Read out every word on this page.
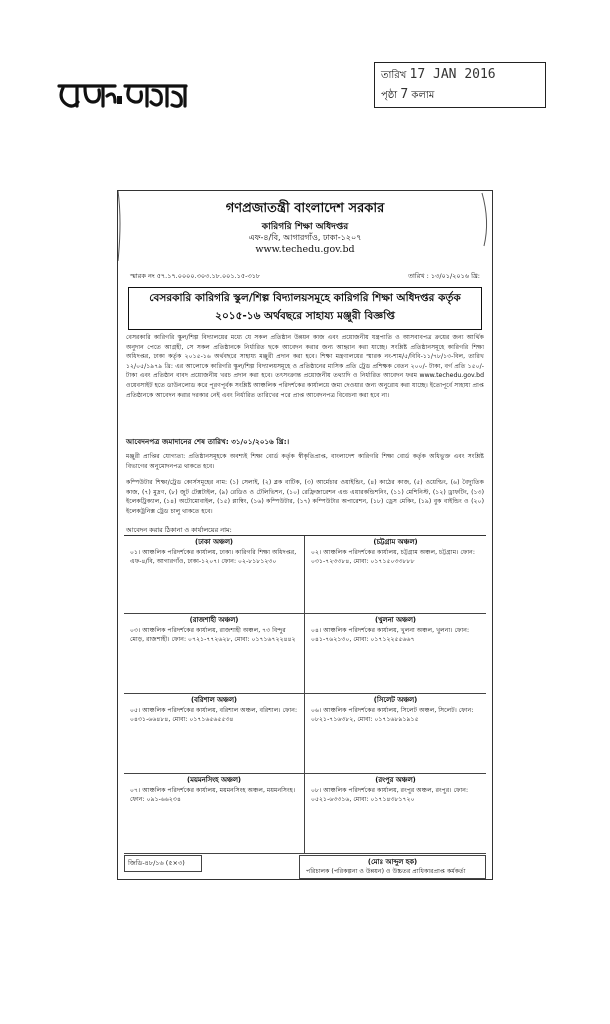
তারিখ 17 JAN 2016
পৃষ্ঠা 7 কলাম
গণপ্রজাতন্ত্রী বাংলাদেশ সরকার
কারিগরি শিক্ষা অধিদপ্তর
এফ-৪/বি, আগারগাঁও, ঢাকা-১২০৭
www.techedu.gov.bd
স্মারক নং ৫৭.১৭.০০০০.৩০৩.১৮.০০১.১৫-৩১৮	তারিখ : ১৩/০১/২০১৬ খ্রি:
বেসরকারি কারিগরি স্কুল/শিল্প বিদ্যালয়সমূহে কারিগরি শিক্ষা অধিদপ্তর কর্তৃক
২০১৫-১৬ অর্থবছরে সাহায্য মঞ্জুরী বিজ্ঞপ্তি
বেসরকারি কারিগরি স্কুল/শিল্প বিদ্যালয়ের মধ্যে যে সকল প্রতিষ্ঠান উন্নয়ন কাজ এবং প্রয়োজনীয় যন্ত্রপাতি ও আসবাবপত্র ক্রয়ের জন্য আর্থিক অনুদান পেতে আগ্রহী, সে সকল প্রতিষ্ঠানকে নির্ধারিত ছকে আবেদন করার জন্য আহ্বান করা যাচ্ছে। সংশ্লিষ্ট প্রতিষ্ঠানসমূহে কারিগরি শিক্ষা অধিদপ্তর, ঢাকা কর্তৃক ২০১৫-১৬ অর্থবছরে সাহায্য মঞ্জুরী প্রদান করা হবে। শিক্ষা মন্ত্রণালয়ের স্মারক নং-শাম/৫/বিবি-১১/৭৮/১৩-বিল, তারিখ ১২/০৫/১৯৭৯ খ্রি: এর আলোকে কারিগরি স্কুল/শিল্প বিদ্যালয়সমূহে ও প্রতিষ্ঠানের মাসিক প্রতি ট্রেড প্রশিক্ষক বেতন ২০০/- টাকা, বর্গ প্রতি ১৫০/- টাকা এবং প্রতিষ্ঠান বাবদ প্রয়োজনীয় খরচ প্রদান করা হবে। তৎসংক্রান্ত প্রয়োজনীয় তথ্যাদি ও নির্ধারিত আবেদন ফরম www.techedu.gov.bd ওয়েবসাইট হতে ডাউনলোড করে পূরণপূর্বক সংশ্লিষ্ট আঞ্চলিক পরিদর্শকের কার্যালয়ে জমা দেওয়ার জন্য অনুরোধ করা যাচ্ছে। ইতোপূর্বে সাহায্য প্রাপ্ত প্রতিষ্ঠানকে আবেদন করার দরকার নেই এবং নির্ধারিত তারিখের পরে প্রাপ্ত আবেদনপত্র বিবেচনা করা হবে না।
আবেদনপত্র জমাদানের শেষ তারিখ: ৩১/০১/২০১৬ খ্রি:।
মঞ্জুরী প্রাপ্তির যোগ্যতা: প্রতিষ্ঠানসমূহকে অবশ্যই শিক্ষা বোর্ড কর্তৃক স্বীকৃতিপ্রাপ্ত, বাংলাদেশ কারিগরি শিক্ষা বোর্ড কর্তৃক অধিভুক্ত এবং সংশ্লিষ্ট বিভাগের অনুমোদনপত্র থাকতে হবে।
কম্পিউটার শিক্ষা/ট্রেড কোর্সসমূহের নাম: (১) সেলাই, (২) ব্লক বাটিক, (৩) আর্মেচার ওয়াইন্ডিং, (৪) কাঠের কাজ, (৫) ওয়েল্ডিং, (৬) বৈদ্যুতিক কাজ, (৭) মুদ্রণ, (৮) জুট টেক্সটাইল, (৯) রেডিও ও টেলিভিশন, (১০) রেফ্রিজারেশন এন্ড এয়ারকন্ডিশনিং, (১১) মেশিনিস্ট, (১২) ড্রাফটিং, (১৩) ইলেকট্রিক্যাল, (১৪) অটোমোবাইল, (১৫) প্লাম্বিং, (১৬) কম্পিউটার, (১৭) কম্পিউটার অপারেশন, (১৮) ড্রেস মেকিং, (১৯) বুক বাইন্ডিং ও (২০) ইলেকট্রনিক্স ট্রেড চালু থাকতে হবে।
আবেদন করার ঠিকানা ও কার্যালয়ের নাম:
(ঢাকা অঞ্চল)
০১। আঞ্চলিক পরিদর্শকের কার্যালয়, ঢাকা। কারিগরি শিক্ষা অধিদপ্তর, এফ-৪/বি, আগারগাঁও, ঢাকা-১২০৭। ফোন: ০২-৮১৮১২৩০
(চট্টগ্রাম অঞ্চল)
০২। আঞ্চলিক পরিদর্শকের কার্যালয়, চট্টগ্রাম অঞ্চল, চট্টগ্রাম। ফোন: ০৩১-৭২৩৩৮৪, মোবা: ০১৭১৫০৩৩৮৮৮
(রাজশাহী অঞ্চল)
০৩। আঞ্চলিক পরিদর্শকের কার্যালয়, রাজশাহী অঞ্চল, ৭৩ বিন্দুর মোড়, রাজশাহী। ফোন: ০৭২১-৭৭২৬২৮, মোবা: ০১৭১৬৭২২৪৪২
(খুলনা অঞ্চল)
০৪। আঞ্চলিক পরিদর্শকের কার্যালয়, খুলনা অঞ্চল, খুলনা। ফোন: ০৪১-৭৬২১৩০, মোবা: ০১৭১২২৫৫৬৬৭
(বরিশাল অঞ্চল)
০৫। আঞ্চলিক পরিদর্শকের কার্যালয়, বরিশাল অঞ্চল, বরিশাল। ফোন: ০৪৩১-৬৬৪৮৪, মোবা: ০১৭১৬৫৬৫৫৩৪
(সিলেট অঞ্চল)
০৬। আঞ্চলিক পরিদর্শকের কার্যালয়, সিলেট অঞ্চল, সিলেট। ফোন: ০৮২১-৭১৬৩৮২, মোবা: ০১৭১৬৮৯১৯১৫
(ময়মনসিংহ অঞ্চল)
০৭। আঞ্চলিক পরিদর্শকের কার্যালয়, ময়মনসিংহ অঞ্চল, ময়মনসিংহ। ফোন: ০৯১-৬৬২৩৪
(রংপুর অঞ্চল)
০৮। আঞ্চলিক পরিদর্শকের কার্যালয়, রংপুর অঞ্চল, রংপুর। ফোন: ০৫২১-৬৩৩১৬, মোবা: ০১৭১৪৩৮১৭২০
জিডি-৪৮/১৬ (৫×৩)	(মোঃ আব্দুল হক)
পরিচালক (পরিকল্পনা ও উন্নয়ন) ও উচ্চতর প্রাধিকারপ্রাপ্ত কর্মকর্তা
